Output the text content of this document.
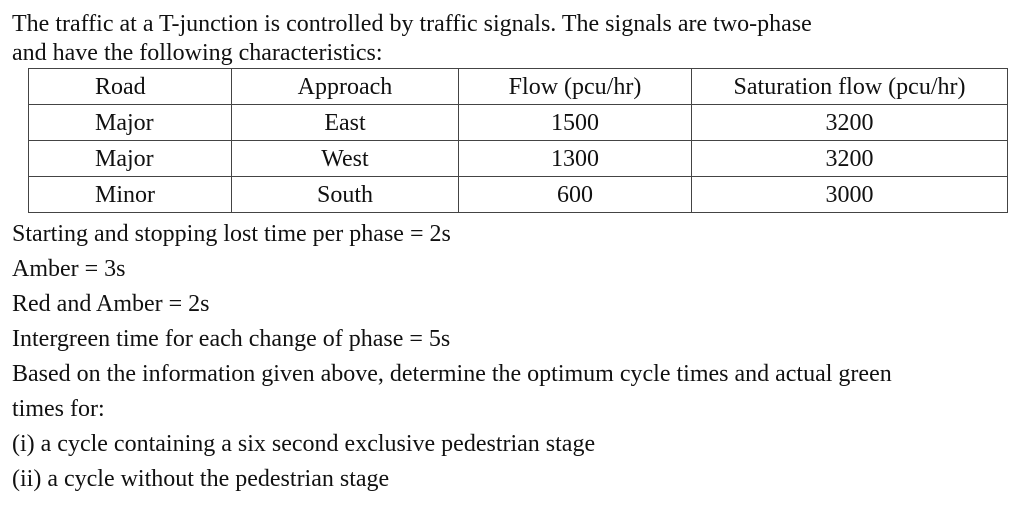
The traffic at a T-junction is controlled by traffic signals. The signals are two-phase
and have the following characteristics:
Road	Approach	Flow (pcu/hr)	Saturation flow (pcu/hr)
Major	East	1500	3200
Major	West	1300	3200
Minor	South	600	3000
Starting and stopping lost time per phase = 2s
Amber = 3s
Red and Amber = 2s
Intergreen time for each change of phase = 5s
Based on the information given above, determine the optimum cycle times and actual green
times for:
(i) a cycle containing a six second exclusive pedestrian stage
(ii) a cycle without the pedestrian stage
